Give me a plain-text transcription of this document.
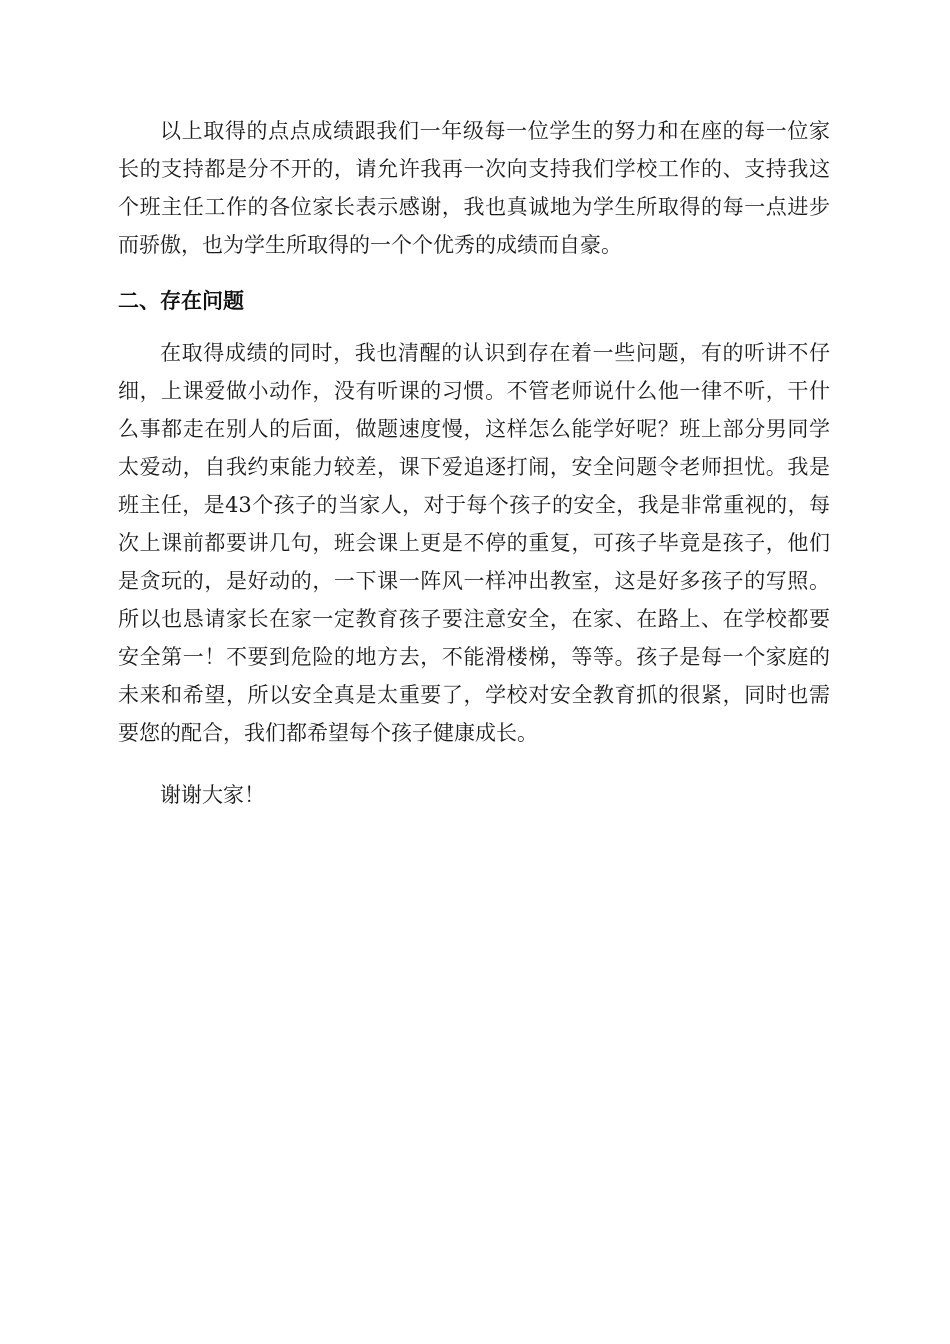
以上取得的点点成绩跟我们一年级每一位学生的努力和在座的每一位家长的支持都是分不开的，请允许我再一次向支持我们学校工作的、支持我这个班主任工作的各位家长表示感谢，我也真诚地为学生所取得的每一点进步而骄傲，也为学生所取得的一个个优秀的成绩而自豪。

二、存在问题

在取得成绩的同时，我也清醒的认识到存在着一些问题，有的听讲不仔细，上课爱做小动作，没有听课的习惯。不管老师说什么他一律不听，干什么事都走在别人的后面，做题速度慢，这样怎么能学好呢？班上部分男同学太爱动，自我约束能力较差，课下爱追逐打闹，安全问题令老师担忧。我是班主任，是43个孩子的当家人，对于每个孩子的安全，我是非常重视的，每次上课前都要讲几句，班会课上更是不停的重复，可孩子毕竟是孩子，他们是贪玩的，是好动的，一下课一阵风一样冲出教室，这是好多孩子的写照。所以也恳请家长在家一定教育孩子要注意安全，在家、在路上、在学校都要安全第一！不要到危险的地方去，不能滑楼梯，等等。孩子是每一个家庭的未来和希望，所以安全真是太重要了，学校对安全教育抓的很紧，同时也需要您的配合，我们都希望每个孩子健康成长。

谢谢大家！
